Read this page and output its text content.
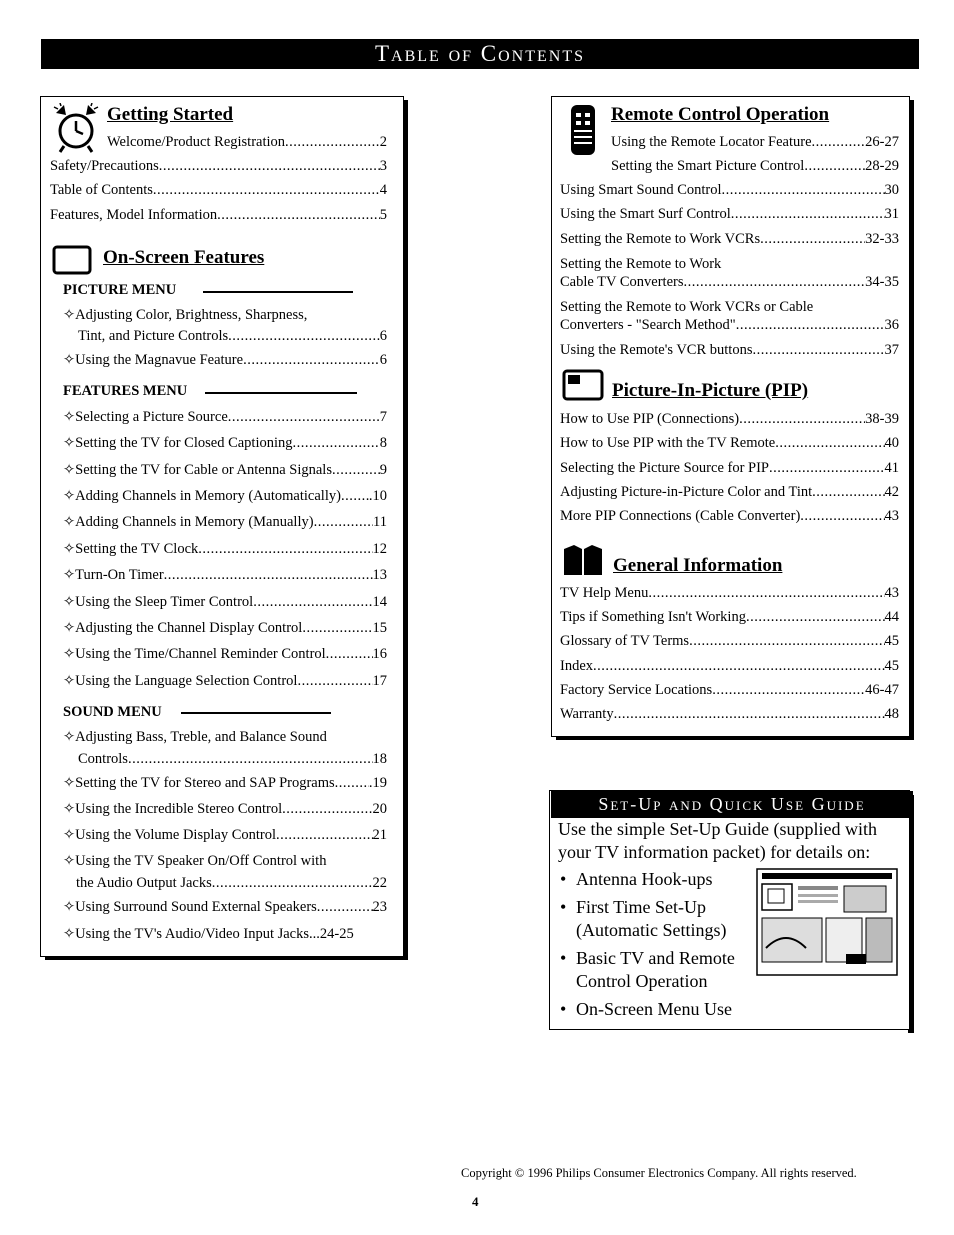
Table of Contents
Getting Started
Welcome/Product Registration .....	2
Safety/Precautions .....	3
Table of Contents .....	4
Features, Model Information .....	5
On-Screen Features
PICTURE MENU
✧Adjusting Color, Brightness, Sharpness,
Tint, and Picture Controls .....	6
✧Using the Magnavue Feature .....	6
FEATURES MENU
✧Selecting a Picture Source .....	7
✧Setting the TV for Closed Captioning .....	8
✧Setting the TV for Cable or Antenna Signals .....	9
✧Adding Channels in Memory (Automatically) ..... .10
✧Adding Channels in Memory (Manually) .....	11
✧Setting the TV Clock .....	12
✧Turn-On Timer .....	13
✧Using the Sleep Timer Control .....	14
✧Adjusting the Channel Display Control .....	15
✧Using the Time/Channel Reminder Control .....	16
✧Using the Language Selection Control .....	17
SOUND MENU
✧Adjusting Bass, Treble, and Balance Sound
Controls .....	18
✧Setting the TV for Stereo and SAP Programs ..... .19
✧Using the Incredible Stereo Control .....	20
✧Using the Volume Display Control .....	21
✧Using the TV Speaker On/Off Control with
the Audio Output Jacks .....	22
✧Using Surround Sound External Speakers .....	23
✧Using the TV's Audio/Video Input Jacks ...24-25
Remote Control Operation
Using the Remote Locator Feature .....	26-27
Setting the Smart Picture Control .....	28-29
Using Smart Sound Control .....	30
Using the Smart Surf Control .....	31
Setting the Remote to Work VCRs .....	32-33
Setting the Remote to Work
Cable TV Converters .....	34-35
Setting the Remote to Work VCRs or Cable
Converters - "Search Method" .....	36
Using the Remote's VCR buttons .....	37
Picture-In-Picture (PIP)
How to Use PIP (Connections) .....	38-39
How to Use PIP with the TV Remote .....	40
Selecting the Picture Source for PIP .....	41
Adjusting Picture-in-Picture Color and Tint .....	42
More PIP Connections (Cable Converter) .....	43
General Information
TV Help Menu .....	43
Tips if Something Isn't Working .....	44
Glossary of TV Terms .....	45
Index .....	45
Factory Service Locations .....	46-47
Warranty .....	48
Set-Up and Quick Use Guide
Use the simple Set-Up Guide (supplied with
your TV information packet) for details on:
• Antenna Hook-ups
• First Time Set-Up
(Automatic Settings)
• Basic TV and Remote
Control Operation
• On-Screen Menu Use
Copyright © 1996 Philips Consumer Electronics Company. All rights reserved.
4
